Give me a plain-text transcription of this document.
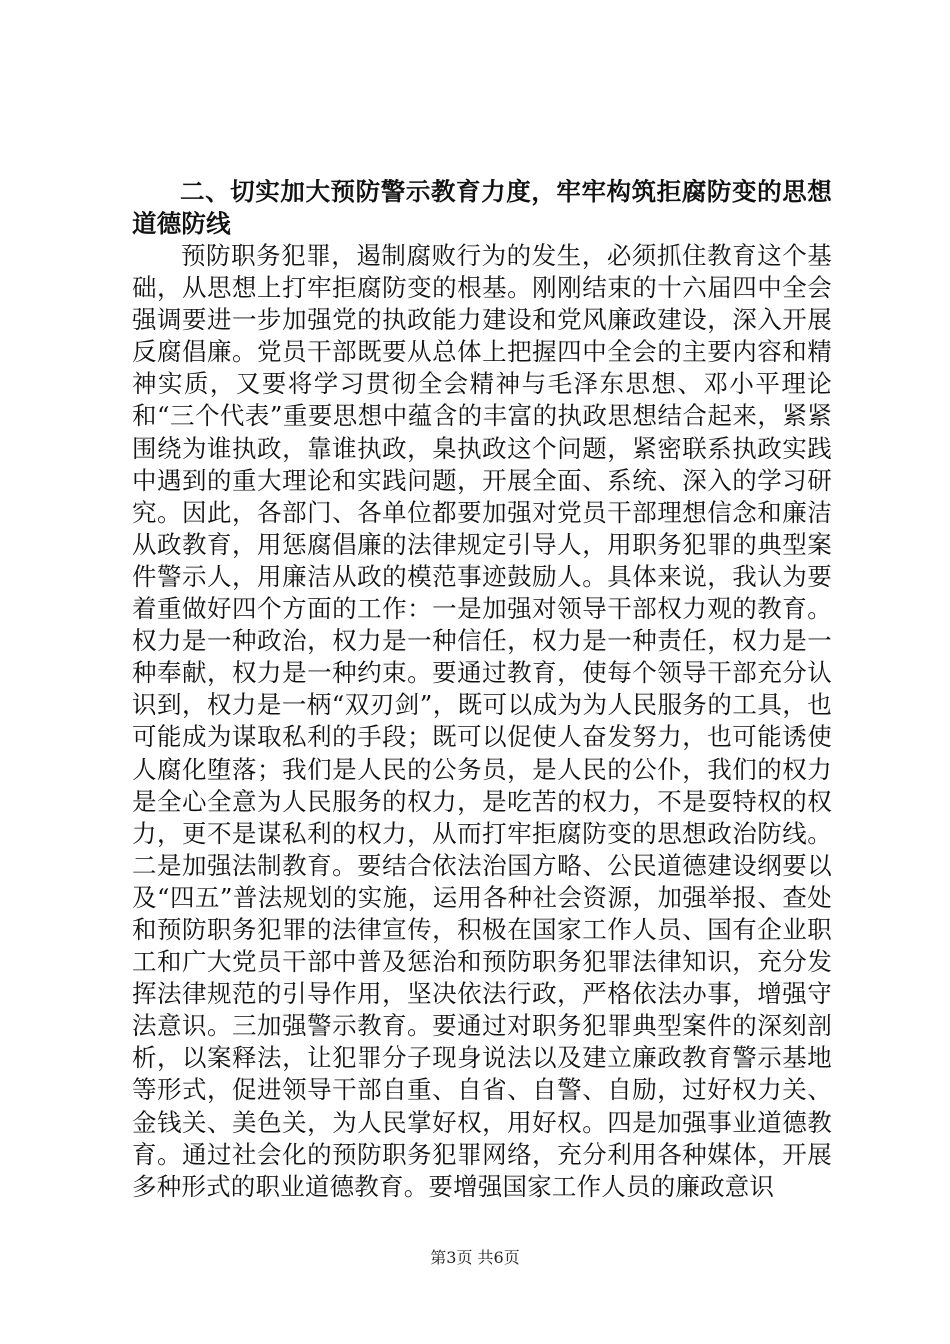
二、切实加大预防警示教育力度，牢牢构筑拒腐防变的思想道德防线

预防职务犯罪，遏制腐败行为的发生，必须抓住教育这个基础，从思想上打牢拒腐防变的根基。刚刚结束的十六届四中全会强调要进一步加强党的执政能力建设和党风廉政建设，深入开展反腐倡廉。党员干部既要从总体上把握四中全会的主要内容和精神实质，又要将学习贯彻全会精神与毛泽东思想、邓小平理论和“三个代表”重要思想中蕴含的丰富的执政思想结合起来，紧紧围绕为谁执政，靠谁执政，臬执政这个问题，紧密联系执政实践中遇到的重大理论和实践问题，开展全面、系统、深入的学习研究。因此，各部门、各单位都要加强对党员干部理想信念和廉洁从政教育，用惩腐倡廉的法律规定引导人，用职务犯罪的典型案件警示人，用廉洁从政的模范事迹鼓励人。具体来说，我认为要着重做好四个方面的工作：一是加强对领导干部权力观的教育。权力是一种政治，权力是一种信任，权力是一种责任，权力是一种奉献，权力是一种约束。要通过教育，使每个领导干部充分认识到，权力是一柄“双刃剑”，既可以成为为人民服务的工具，也可能成为谋取私利的手段；既可以促使人奋发努力，也可能诱使人腐化堕落；我们是人民的公务员，是人民的公仆，我们的权力是全心全意为人民服务的权力，是吃苦的权力，不是耍特权的权力，更不是谋私利的权力，从而打牢拒腐防变的思想政治防线。二是加强法制教育。要结合依法治国方略、公民道德建设纲要以及“四五”普法规划的实施，运用各种社会资源，加强举报、查处和预防职务犯罪的法律宣传，积极在国家工作人员、国有企业职工和广大党员干部中普及惩治和预防职务犯罪法律知识，充分发挥法律规范的引导作用，坚决依法行政，严格依法办事，增强守法意识。三加强警示教育。要通过对职务犯罪典型案件的深刻剖析，以案释法，让犯罪分子现身说法以及建立廉政教育警示基地等形式，促进领导干部自重、自省、自警、自励，过好权力关、金钱关、美色关，为人民掌好权，用好权。四是加强事业道德教育。通过社会化的预防职务犯罪网络，充分利用各种媒体，开展多种形式的职业道德教育。要增强国家工作人员的廉政意识

第3页 共6页
